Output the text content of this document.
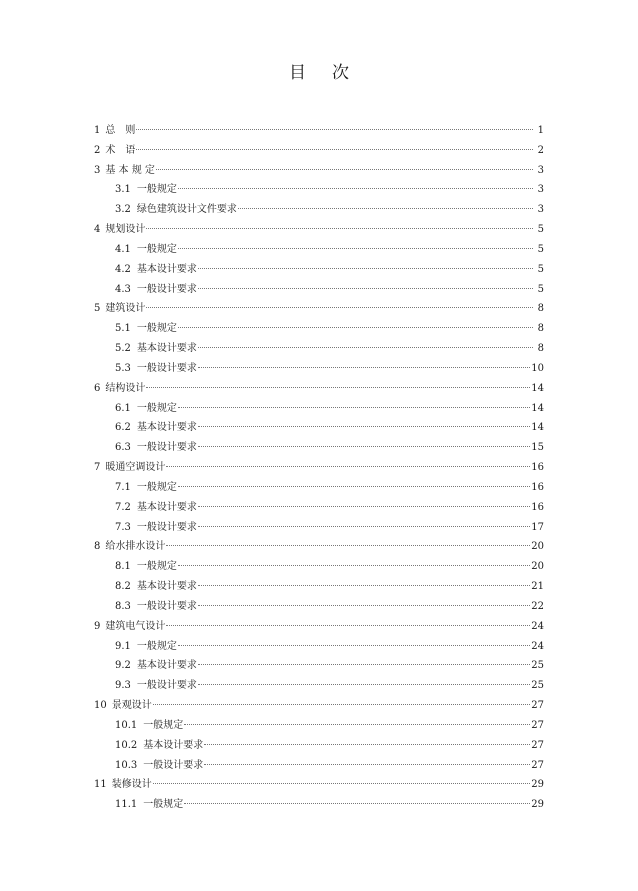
目 次
1 总　则	1
2 术　语	2
3 基 本 规 定	3
3.1 一般规定	3
3.2 绿色建筑设计文件要求	3
4 规划设计	5
4.1 一般规定	5
4.2 基本设计要求	5
4.3 一般设计要求	5
5 建筑设计	8
5.1 一般规定	8
5.2 基本设计要求	8
5.3 一般设计要求	10
6 结构设计	14
6.1 一般规定	14
6.2 基本设计要求	14
6.3 一般设计要求	15
7 暖通空调设计	16
7.1 一般规定	16
7.2 基本设计要求	16
7.3 一般设计要求	17
8 给水排水设计	20
8.1 一般规定	20
8.2 基本设计要求	21
8.3 一般设计要求	22
9 建筑电气设计	24
9.1 一般规定	24
9.2 基本设计要求	25
9.3 一般设计要求	25
10 景观设计	27
10.1 一般规定	27
10.2 基本设计要求	27
10.3 一般设计要求	27
11 装修设计	29
11.1 一般规定	29
